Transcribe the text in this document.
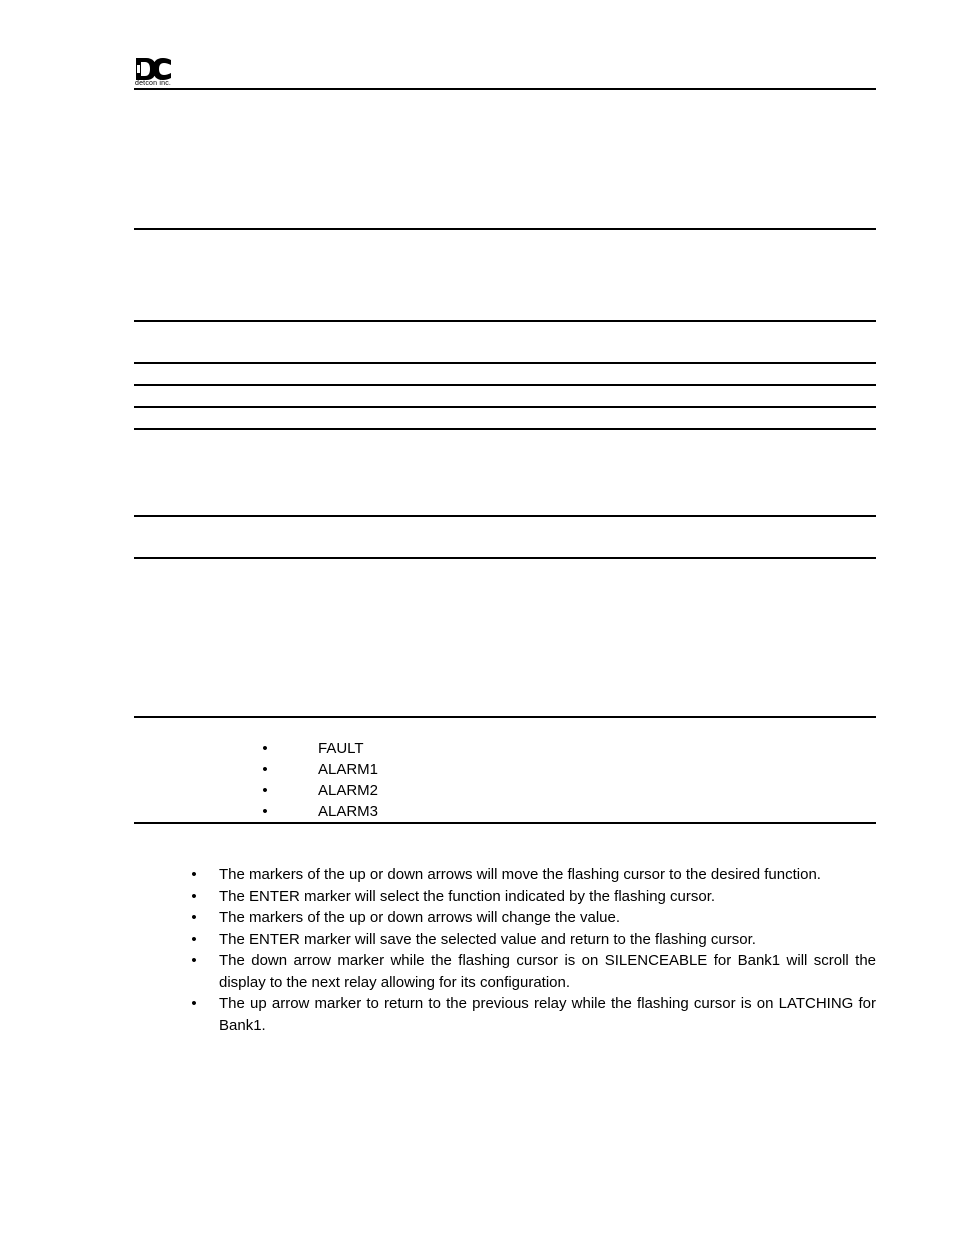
detcon inc.
•	FAULT
•	ALARM1
•	ALARM2
•	ALARM3
• The markers of the up or down arrows will move the flashing cursor to the desired function.
• The ENTER marker will select the function indicated by the flashing cursor.
• The markers of the up or down arrows will change the value.
• The ENTER marker will save the selected value and return to the flashing cursor.
• The down arrow marker while the flashing cursor is on SILENCEABLE for Bank1 will scroll the display to the next relay allowing for its configuration.
• The up arrow marker to return to the previous relay while the flashing cursor is on LATCHING for Bank1.
